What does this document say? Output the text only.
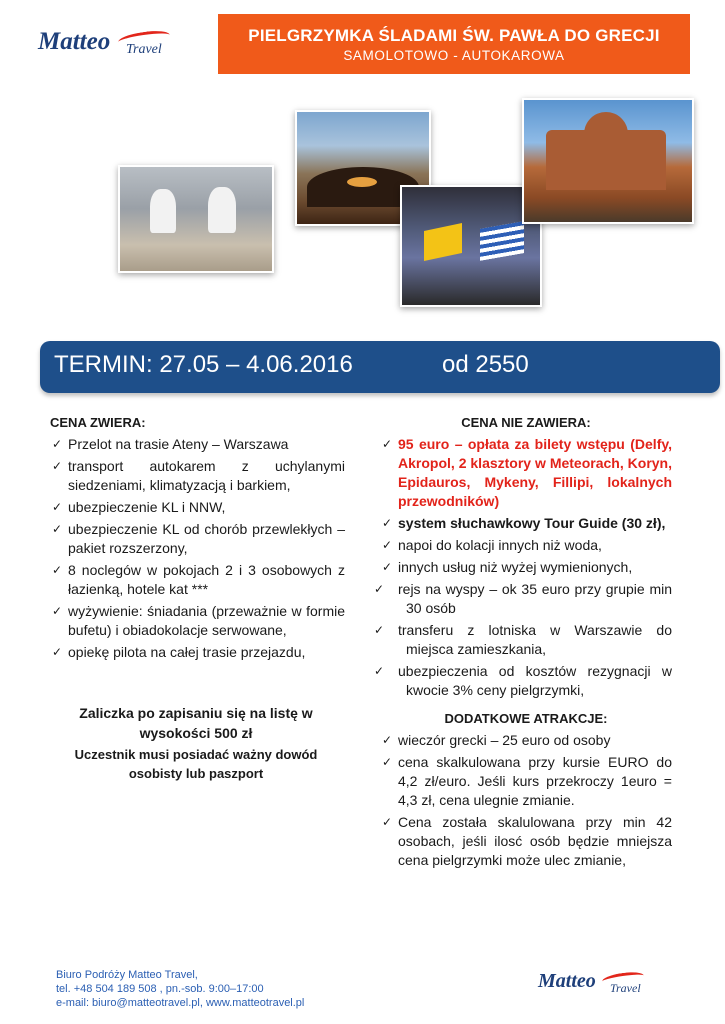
Matteo Travel
PIELGRZYMKA ŚLADAMI ŚW. PAWŁA DO GRECJI
SAMOLOTOWO - AUTOKAROWA
TERMIN: 27.05 – 4.06.2016	od 2550
CENA ZWIERA:
✓ Przelot na trasie Ateny – Warszawa
✓ transport autokarem z uchylanymi siedzeniami, klimatyzacją i barkiem,
✓ ubezpieczenie KL i NNW,
✓ ubezpieczenie KL od chorób przewlekłych – pakiet rozszerzony,
✓ 8 noclegów w pokojach 2 i 3 osobowych z łazienką, hotele kat ***
✓ wyżywienie: śniadania (przeważnie w formie bufetu) i obiadokolacje serwowane,
✓ opiekę pilota na całej trasie przejazdu,
Zaliczka po zapisaniu się na listę w wysokości 500 zł
Uczestnik musi posiadać ważny dowód osobisty lub paszport
CENA NIE ZAWIERA:
✓ 95 euro – opłata za bilety wstępu (Delfy, Akropol, 2 klasztory w Meteorach, Koryn, Epidauros, Mykeny, Fillipi, lokalnych przewodników)
✓ system słuchawkowy Tour Guide (30 zł),
✓ napoi do kolacji innych niż woda,
✓ innych usług niż wyżej wymienionych,
✓ rejs na wyspy – ok 35 euro przy grupie min 30 osób
✓ transferu z lotniska w Warszawie do miejsca zamieszkania,
✓ ubezpieczenia od kosztów rezygnacji w kwocie 3% ceny pielgrzymki,
DODATKOWE ATRAKCJE:
✓ wieczór grecki – 25 euro od osoby
✓ cena skalkulowana przy kursie EURO do 4,2 zł/euro. Jeśli kurs przekroczy 1euro = 4,3 zł, cena ulegnie zmianie.
✓ Cena została skalulowana przy min 42 osobach, jeśli ilosć osób będzie mniejsza cena pielgrzymki może ulec zmianie,
Biuro Podróży Matteo Travel,
tel. +48 504 189 508 , pn.-sob. 9:00–17:00
e-mail: biuro@matteotravel.pl, www.matteotravel.pl
Matteo Travel
